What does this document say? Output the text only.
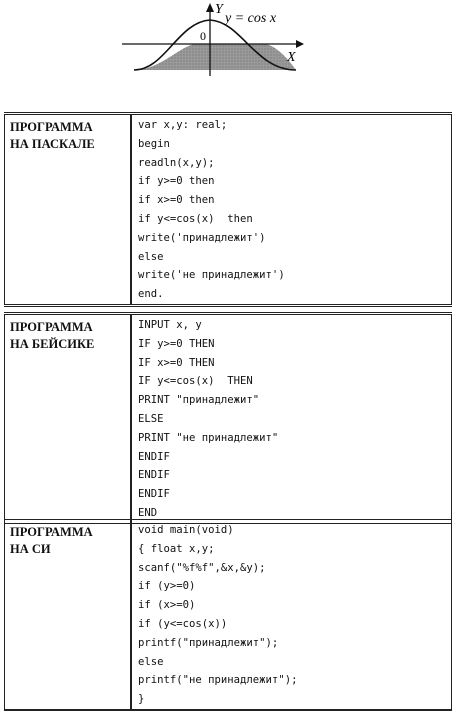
Y
y = cos x
0
X
ПРОГРАММА
НА ПАСКАЛЕ

var x,y: real;
begin
readln(x,y);
if y>=0 then
if x>=0 then
if y<=cos(x)  then
write('принадлежит')
else
write('не принадлежит')
end.
ПРОГРАММА
НА БЕЙСИКЕ

INPUT x, y
IF y>=0 THEN
IF x>=0 THEN
IF y<=cos(x)  THEN
PRINT "принадлежит"
ELSE
PRINT "не принадлежит"
ENDIF
ENDIF
ENDIF
END
ПРОГРАММА
НА СИ

void main(void)
{ float x,y;
scanf("%f%f",&x,&y);
if (y>=0)
if (x>=0)
if (y<=cos(x))
printf("принадлежит");
else
printf("не принадлежит");
}
